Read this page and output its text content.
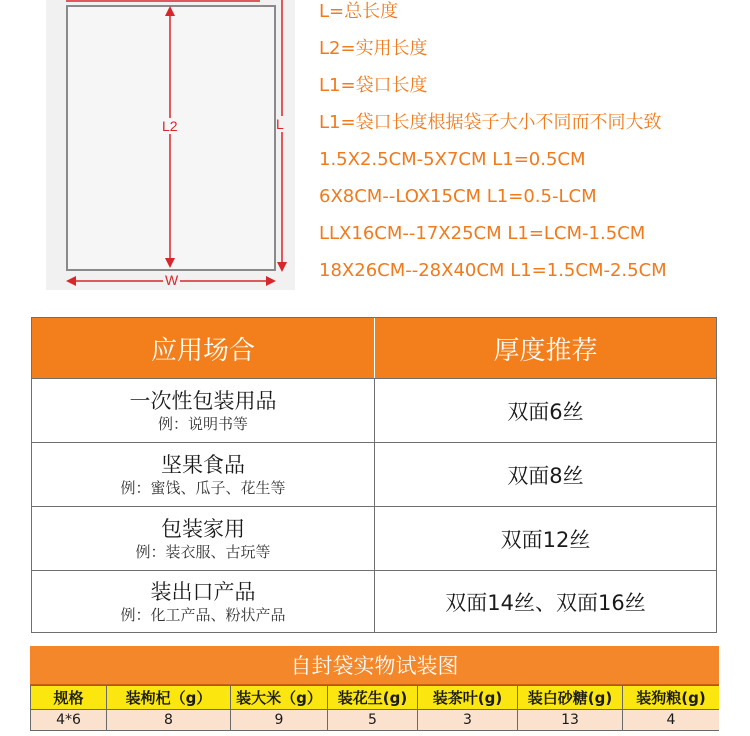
L2	L
W
L=总长度
L2=实用长度
L1=袋口长度
L1=袋口长度根据袋子大小不同而不同大致
1.5X2.5CM-5X7CM L1=0.5CM
6X8CM--LOX15CM L1=0.5-LCM
LLX16CM--17X25CM L1=LCM-1.5CM
18X26CM--28X40CM L1=1.5CM-2.5CM
应用场合	厚度推荐
一次性包装用品
例：说明书等	双面6丝
坚果食品
例：蜜饯、瓜子、花生等	双面8丝
包装家用
例：装衣服、古玩等	双面12丝
装出口产品
例：化工产品、粉状产品	双面14丝、双面16丝
自封袋实物试装图
规格	装枸杞（g）	装大米（g）	装花生(g)	装茶叶(g)	装白砂糖(g)	装狗粮(g)
4*6	8	9	5	3	13	4
